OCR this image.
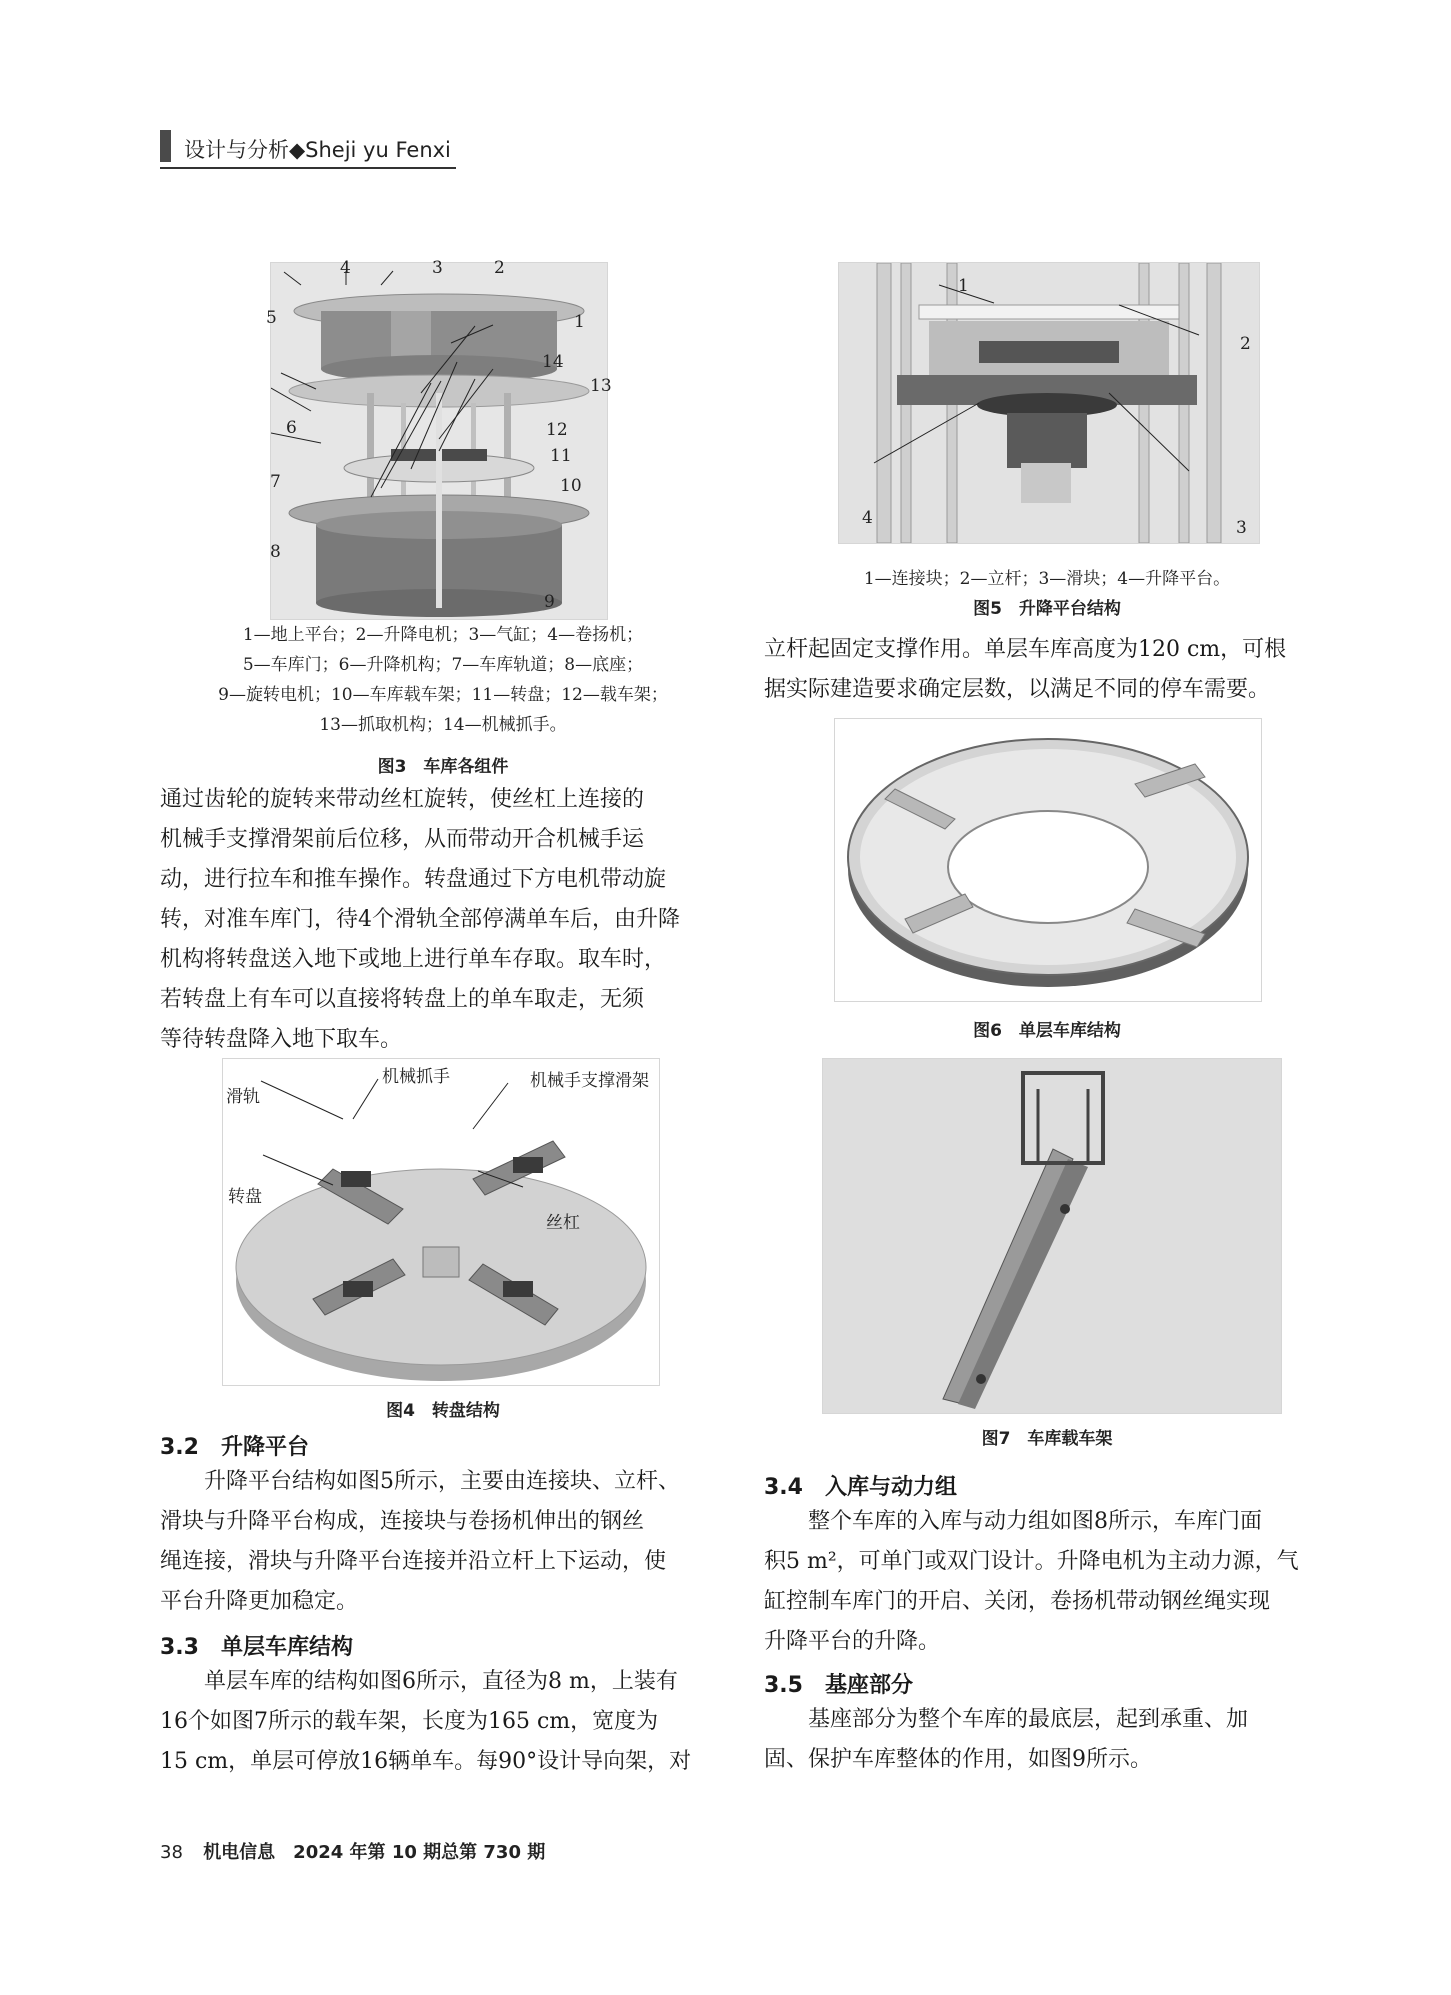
设计与分析◆Sheji yu Fenxi
1
2
3
4
5
6
7
8
9
10
11
12
13
14
1—地上平台；2—升降电机；3—气缸；4—卷扬机；
5—车库门；6—升降机构；7—车库轨道；8—底座；
9—旋转电机；10—车库载车架；11—转盘；12—载车架；
13—抓取机构；14—机械抓手。
图3　车库各组件
通过齿轮的旋转来带动丝杠旋转，使丝杠上连接的
机械手支撑滑架前后位移，从而带动开合机械手运
动，进行拉车和推车操作。转盘通过下方电机带动旋
转，对准车库门，待4个滑轨全部停满单车后，由升降
机构将转盘送入地下或地上进行单车存取。取车时，
若转盘上有车可以直接将转盘上的单车取走，无须
等待转盘降入地下取车。
滑轨
机械抓手	机械手支撑滑架
转盘
丝杠
图4　转盘结构
3.2　升降平台
　　升降平台结构如图5所示，主要由连接块、立杆、
滑块与升降平台构成，连接块与卷扬机伸出的钢丝
绳连接，滑块与升降平台连接并沿立杆上下运动，使
平台升降更加稳定。
3.3　单层车库结构
　　单层车库的结构如图6所示，直径为8 m，上装有
16个如图7所示的载车架，长度为165 cm，宽度为
15 cm，单层可停放16辆单车。每90°设计导向架，对
1
2
3
4
1—连接块；2—立杆；3—滑块；4—升降平台。
图5　升降平台结构
立杆起固定支撑作用。单层车库高度为120 cm，可根
据实际建造要求确定层数，以满足不同的停车需要。
图6　单层车库结构
图7　车库载车架
3.4　入库与动力组
　　整个车库的入库与动力组如图8所示，车库门面
积5 m²，可单门或双门设计。升降电机为主动力源，气
缸控制车库门的开启、关闭，卷扬机带动钢丝绳实现
升降平台的升降。
3.5　基座部分
　　基座部分为整个车库的最底层，起到承重、加
固、保护车库整体的作用，如图9所示。
38 机电信息　2024 年第 10 期总第 730 期
